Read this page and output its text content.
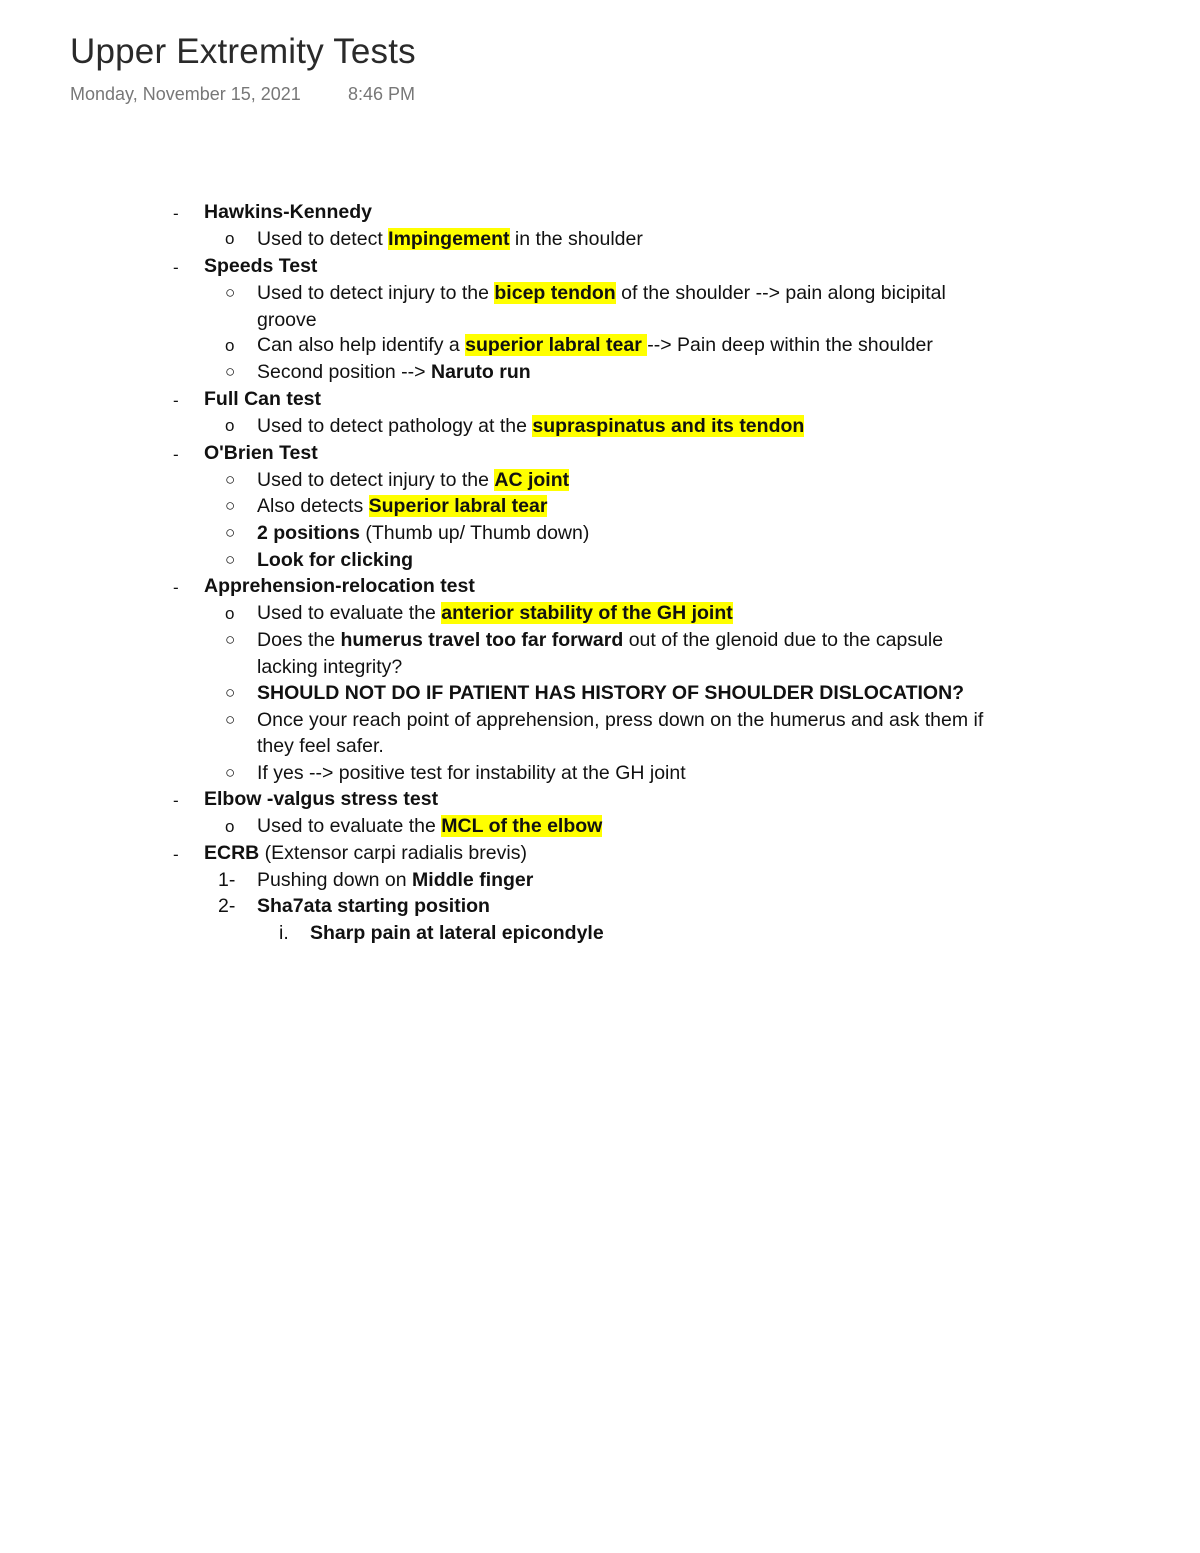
Upper Extremity Tests
Monday, November 15, 2021	8:46 PM
- Hawkins-Kennedy
o Used to detect Impingement in the shoulder
- Speeds Test
○ Used to detect injury to the bicep tendon of the shoulder --> pain along bicipital
groove
o Can also help identify a superior labral tear --> Pain deep within the shoulder
○ Second position --> Naruto run
- Full Can test
o Used to detect pathology at the supraspinatus and its tendon
- O'Brien Test
○ Used to detect injury to the AC joint
○ Also detects Superior labral tear
○ 2 positions (Thumb up/ Thumb down)
○ Look for clicking
- Apprehension-relocation test
o Used to evaluate the anterior stability of the GH joint
○ Does the humerus travel too far forward out of the glenoid due to the capsule
lacking integrity?
○ SHOULD NOT DO IF PATIENT HAS HISTORY OF SHOULDER DISLOCATION?
○ Once your reach point of apprehension, press down on the humerus and ask them if
they feel safer.
○ If yes --> positive test for instability at the GH joint
- Elbow -valgus stress test
o Used to evaluate the MCL of the elbow
- ECRB (Extensor carpi radialis brevis)
1- Pushing down on Middle finger
2- Sha7ata starting position
i. Sharp pain at lateral epicondyle
